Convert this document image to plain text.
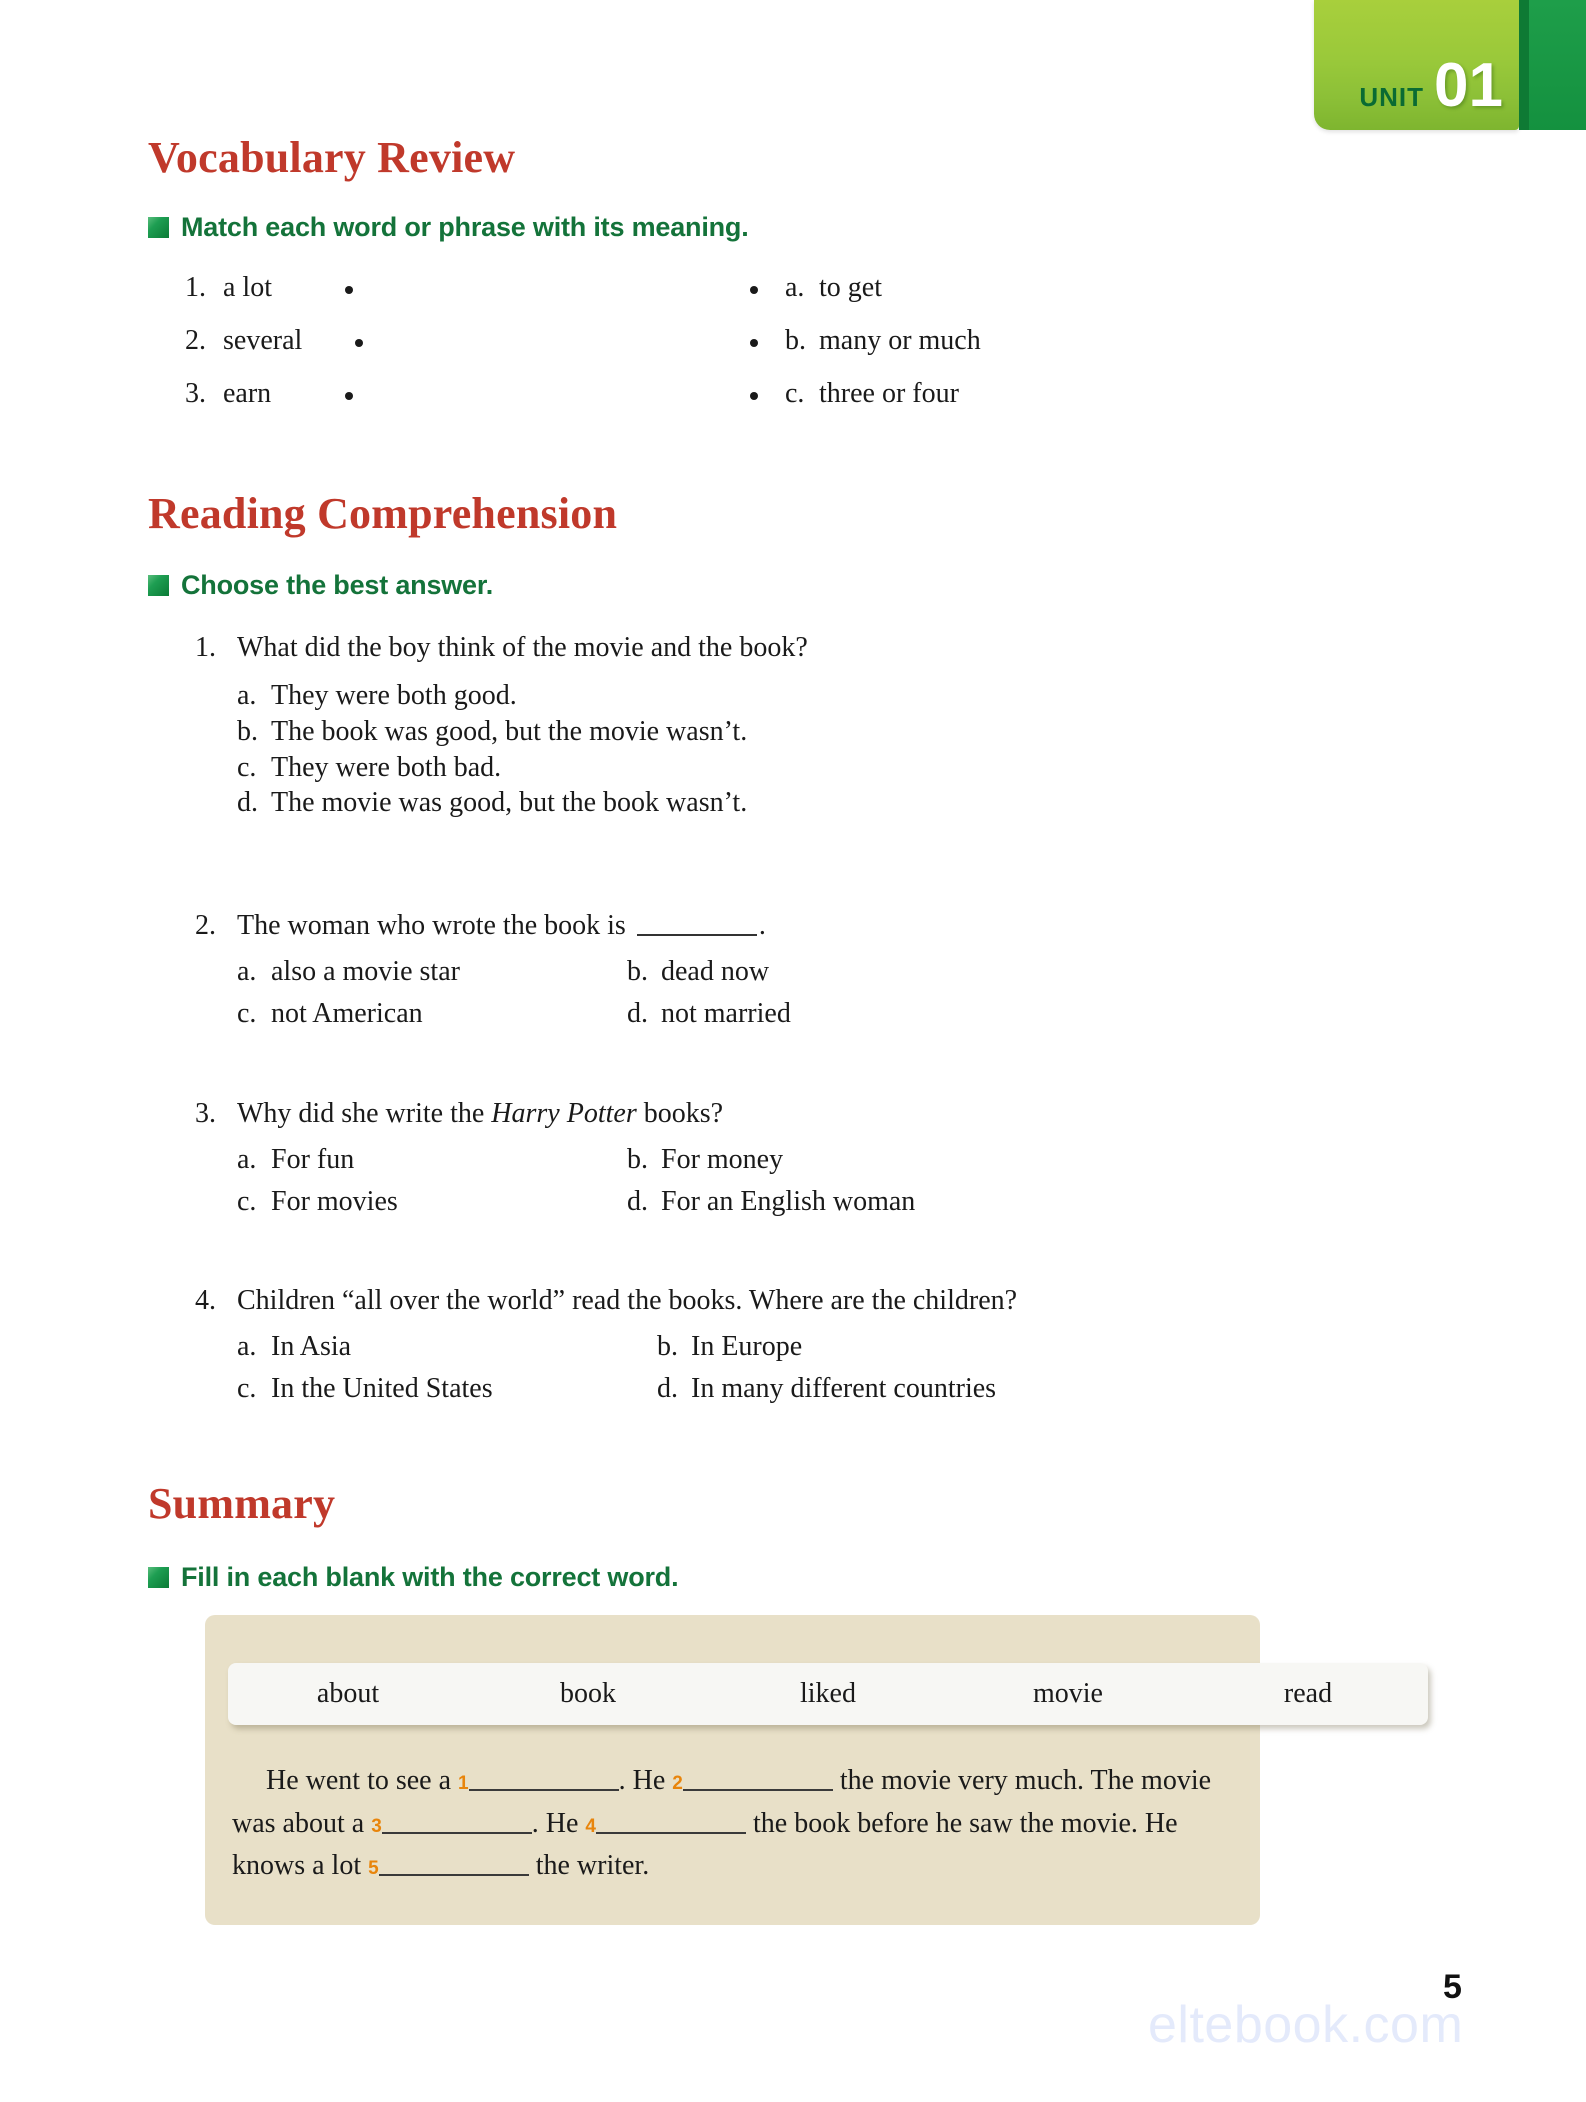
UNIT 01
Vocabulary Review
Match each word or phrase with its meaning.
1. a lot	a. to get
2. several	b. many or much
3. earn	c. three or four
Reading Comprehension
Choose the best answer.
1. What did the boy think of the movie and the book?
a. They were both good.
b. The book was good, but the movie wasn’t.
c. They were both bad.
d. The movie was good, but the book wasn’t.
2. The woman who wrote the book is	.
a. also a movie star	b. dead now
c. not American	d. not married
3. Why did she write the Harry Potter books?
a. For fun	b. For money
c. For movies	d. For an English woman
4. Children “all over the world” read the books. Where are the children?
a. In Asia	b. In Europe
c. In the United States	d. In many different countries
Summary
Fill in each blank with the correct word.
about	book	liked	movie	read
He went to see a 1	. He 2	the movie very much. The movie was about a 3	. He 4	the book before he saw the movie. He knows a lot 5	the writer.
eltebook.com
5
